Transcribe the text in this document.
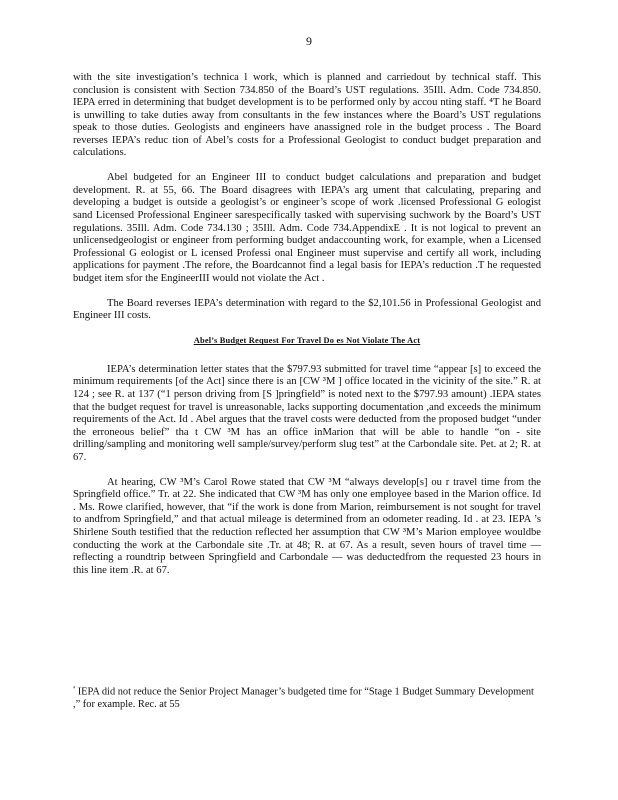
9

with the site investigation’s technica l work, which is planned and carriedout by technical staff. This conclusion is consistent with Section 734.850 of the Board’s UST regulations. 35Ill. Adm. Code 734.850. IEPA erred in determining that budget development is to be performed only by accou nting staff. ⁴T he Board is unwilling to take duties away from consultants in the few instances where the Board’s UST regulations speak to those duties. Geologists and engineers have anassigned role in the budget process . The Board reverses IEPA’s reduc tion of Abel’s costs for a Professional Geologist to conduct budget preparation and calculations.

Abel budgeted for an Engineer III to conduct budget calculations and preparation and budget development. R. at 55, 66. The Board disagrees with IEPA’s arg ument that calculating, preparing and developing a budget is outside a geologist’s or engineer’s scope of work .licensed Professional G eologist sand Licensed Professional Engineer sarespecifically tasked with supervising suchwork by the Board’s UST regulations. 35Ill. Adm. Code 734.130 ; 35Ill. Adm. Code 734.AppendixE . It is not logical to prevent an unlicensedgeologist or engineer from performing budget andaccounting work, for example, when a Licensed Professional G eologist or L icensed Professi onal Engineer must supervise and certify all work, including applications for payment .The refore, the Boardcannot find a legal basis for IEPA’s reduction .T he requested budget item sfor the EngineerIII would not violate the Act .

The Board reverses IEPA’s determination with regard to the $2,101.56 in Professional Geologist and Engineer III costs.

Abel’s Budget Request For Travel Do es Not Violate The Act

IEPA’s determination letter states that the $797.93 submitted for travel time “appear [s] to exceed the minimum requirements [of the Act] since there is an [CW ³M ] office located in the vicinity of the site.” R. at 124 ; see R. at 137 (“1 person driving from [S ]pringfield” is noted next to the $797.93 amount) .IEPA states that the budget request for travel is unreasonable, lacks supporting documentation ,and exceeds the minimum requirements of the Act. Id . Abel argues that the travel costs were deducted from the proposed budget “under the erroneous belief” tha t CW ³M has an office inMarion that will be able to handle “on - site drilling/sampling and monitoring well sample/survey/perform slug test” at the Carbondale site. Pet. at 2; R. at 67.

At hearing, CW ³M’s Carol Rowe stated that CW ³M “always develop[s] ou r travel time from the Springfield office.” Tr. at 22. She indicated that CW ³M has only one employee based in the Marion office. Id . Ms. Rowe clarified, however, that “if the work is done from Marion, reimbursement is not sought for travel to andfrom Springfield,” and that actual mileage is determined from an odometer reading. Id . at 23. IEPA ’s Shirlene South testified that the reduction reflected her assumption that CW ³M’s Marion employee wouldbe conducting the work at the Carbondale site .Tr. at 48; R. at 67. As a result, seven hours of travel time — reflecting a roundtrip between Springfield and Carbondale — was deductedfrom the requested 23 hours in this line item .R. at 67.

$^{^4}$ IEPA did not reduce the Senior Project Manager’s budgeted time for “Stage 1 Budget Summary Development ,” for example. Rec. at 55
